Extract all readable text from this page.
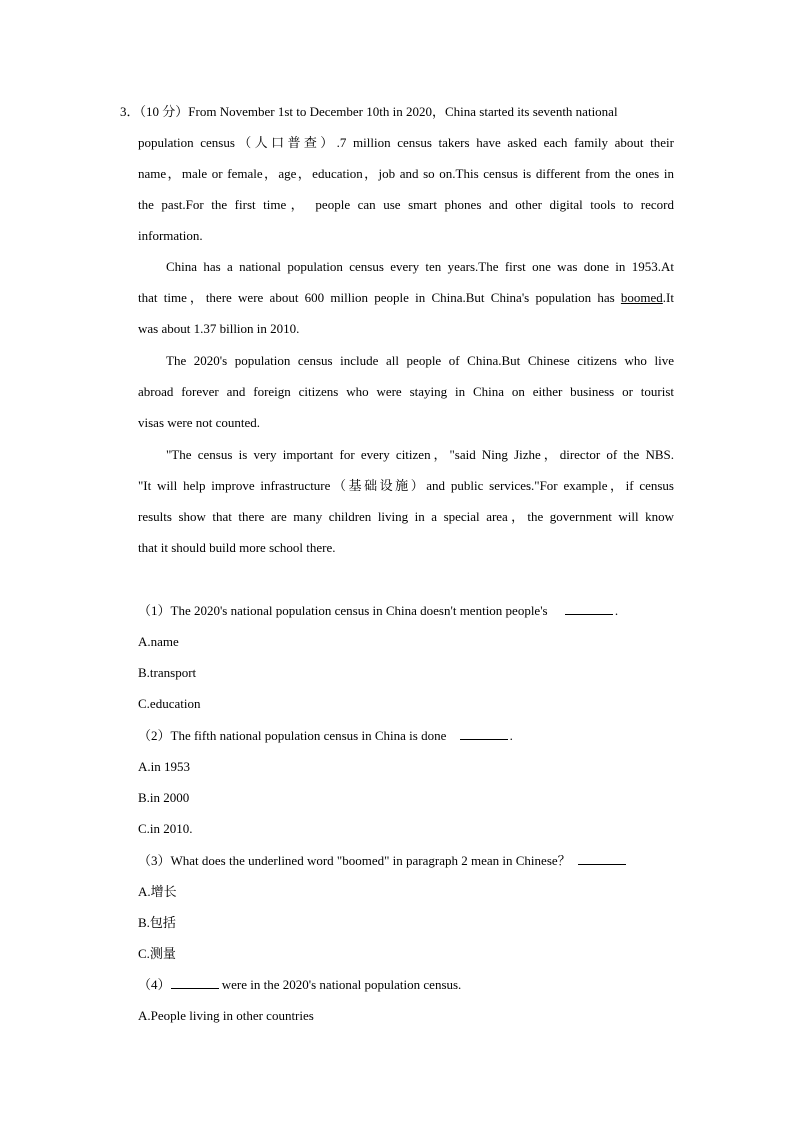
3．（10 分）From November 1st to December 10th in 2020，China started its seventh national
population census（人口普查）.7 million census takers have asked each family about their
name，male or female，age，education，job and so on.This census is different from the ones in
the past.For the first time， people can use smart phones and other digital tools to record
information.
China has a national population census every ten years.The first one was done in 1953.At
that time，there were about 600 million people in China.But China's population has boomed.It
was about 1.37 billion in 2010.
The 2020's population census include all people of China.But Chinese citizens who live
abroad forever and foreign citizens who were staying in China on either business or tourist
visas were not counted.
"The census is very important for every citizen，"said Ning Jizhe，director of the NBS.
"It will help improve infrastructure（基础设施）and public services."For example，if census
results show that there are many children living in a special area，the government will know
that it should build more school there.
（1）The 2020's national population census in China doesn't mention people's	.
A.name
B.transport
C.education
（2）The fifth national population census in China is done	.
A.in 1953
B.in 2000
C.in 2010.
（3）What does the underlined word "boomed" in paragraph 2 mean in Chinese？
A.增长
B.包括
C.测量
（4）	were in the 2020's national population census.
A.People living in other countries
